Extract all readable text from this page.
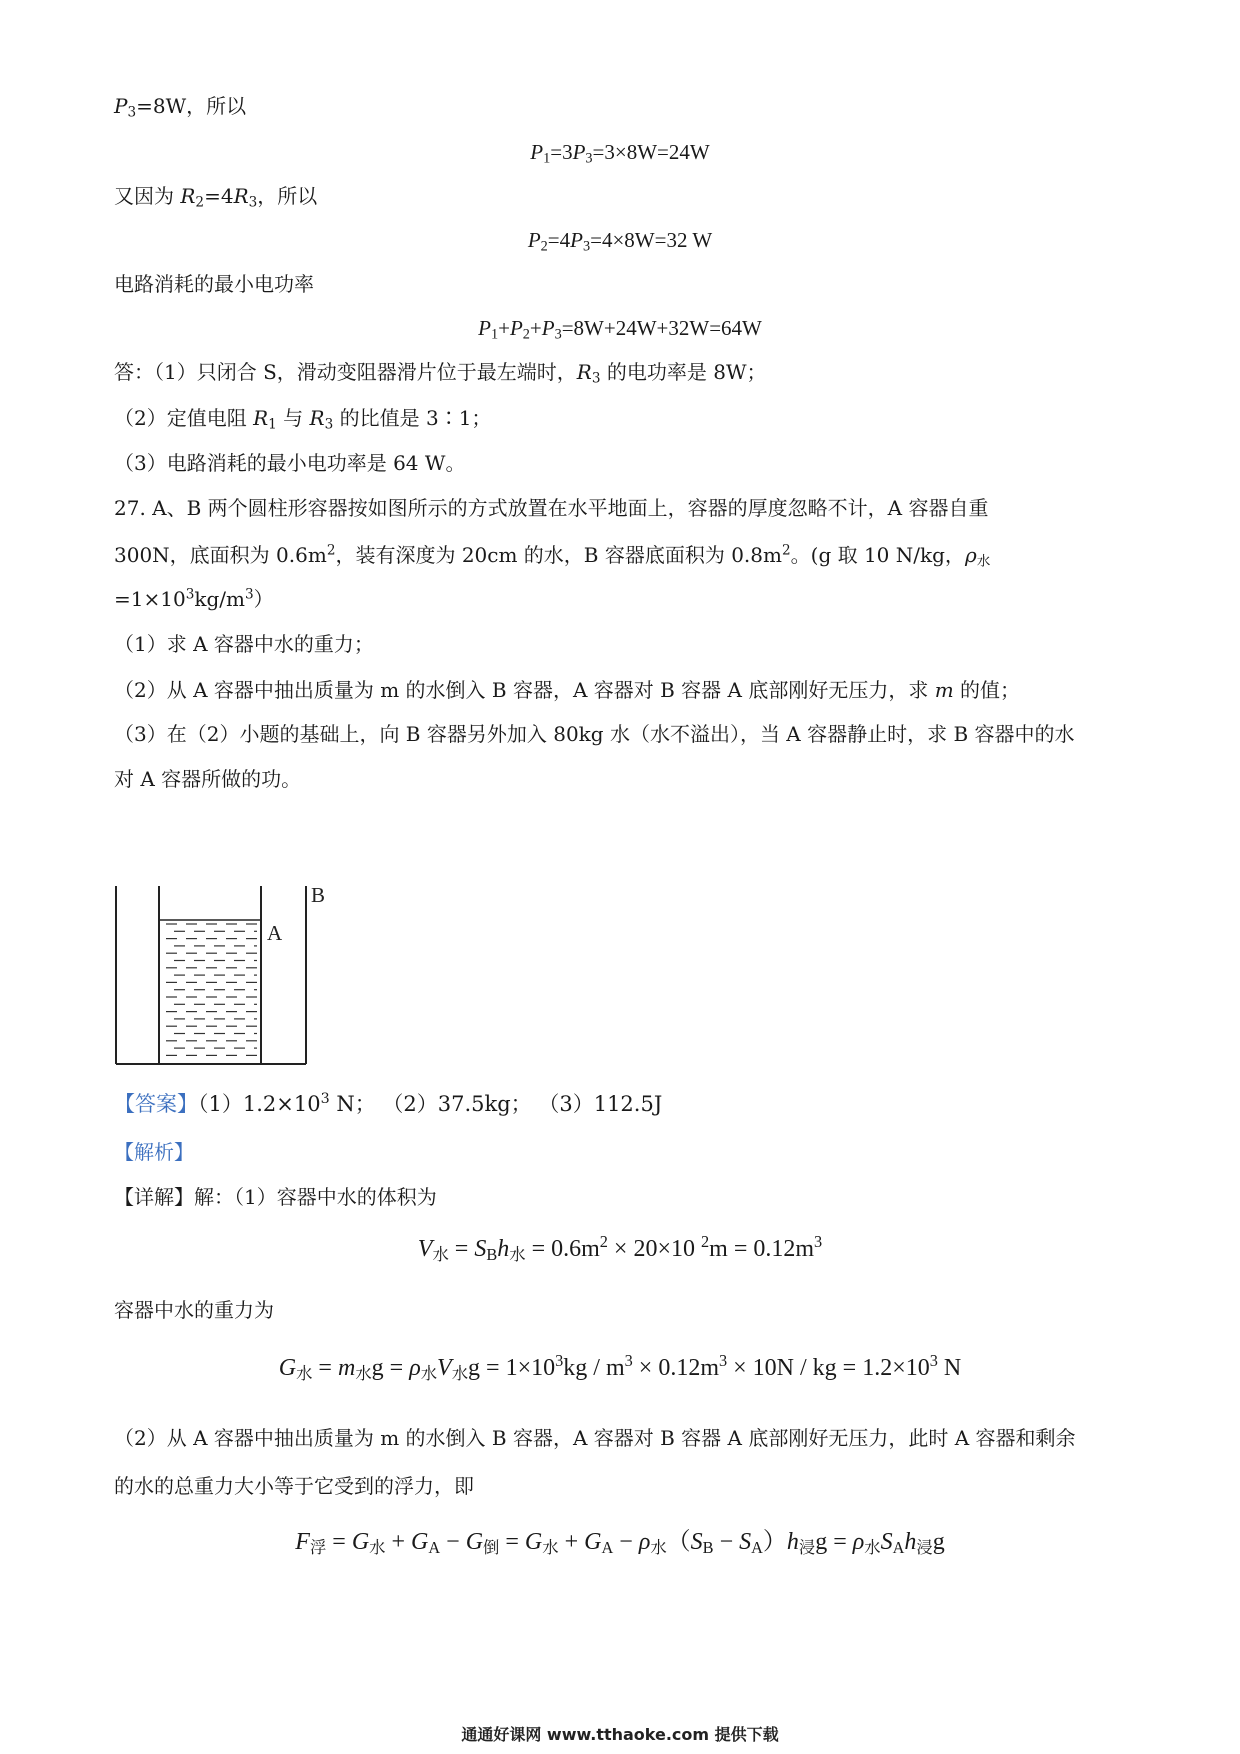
$P_3=8W$，所以
$P_1=3P_3=3\times 8W=24W$
又因为 $R_2=4R_3$，所以
$P_2=4P_3=4\times 8W=32$ W
电路消耗的最小电功率
$P_1+P_2+P_3=8W+24W+32W=64W$
答：（1）只闭合 S，滑动变阻器滑片位于最左端时，$R_3$ 的电功率是 8W；
（2）定值电阻 $R_1$ 与 $R_3$ 的比值是 3∶1；
（3）电路消耗的最小电功率是 64 W。
27. A、B 两个圆柱形容器按如图所示的方式放置在水平地面上，容器的厚度忽略不计，A 容器自重
300N，底面积为 $0.6m^2$，装有深度为 20cm 的水，B 容器底面积为 $0.8m^2$。(g 取 10 N/kg，$\rho_水$
$=1\times 10^3kg/m^3$）
（1）求 A 容器中水的重力；
（2）从 A 容器中抽出质量为 m 的水倒入 B 容器，A 容器对 B 容器 A 底部刚好无压力，求 m 的值；
（3）在（2）小题的基础上，向 B 容器另外加入 80kg 水（水不溢出），当 A 容器静止时，求 B 容器中的水
对 A 容器所做的功。
A
B
【答案】$(1)1.2\times 10^3$ N； （2）37.5kg； （3）112.5J
【解析】
【详解】解：（1）容器中水的体积为
$V_水 = S_Bh_水 = 0.6m^2 \times 20\times 10$ $^2m = 0.12m^3$
容器中水的重力为
$G_水 = m_水g = \rho_水V_水g = 1\times 10^3kg / m^3 \times 0.12m^3 \times 10N$ / kg = $1.2\times 10^3$ N
（2）从 A 容器中抽出质量为 m 的水倒入 B 容器，A 容器对 B 容器 A 底部刚好无压力，此时 A 容器和剩余
的水的总重力大小等于它受到的浮力，即
$F_浮 = G_水 + G_A - G_倒 = G_水 + G_A - \rho_水(S_B - S_A)h_浸g = \rho_水S_Ah_浸g$
通通好课网 www.tthaoke.com 提供下载
